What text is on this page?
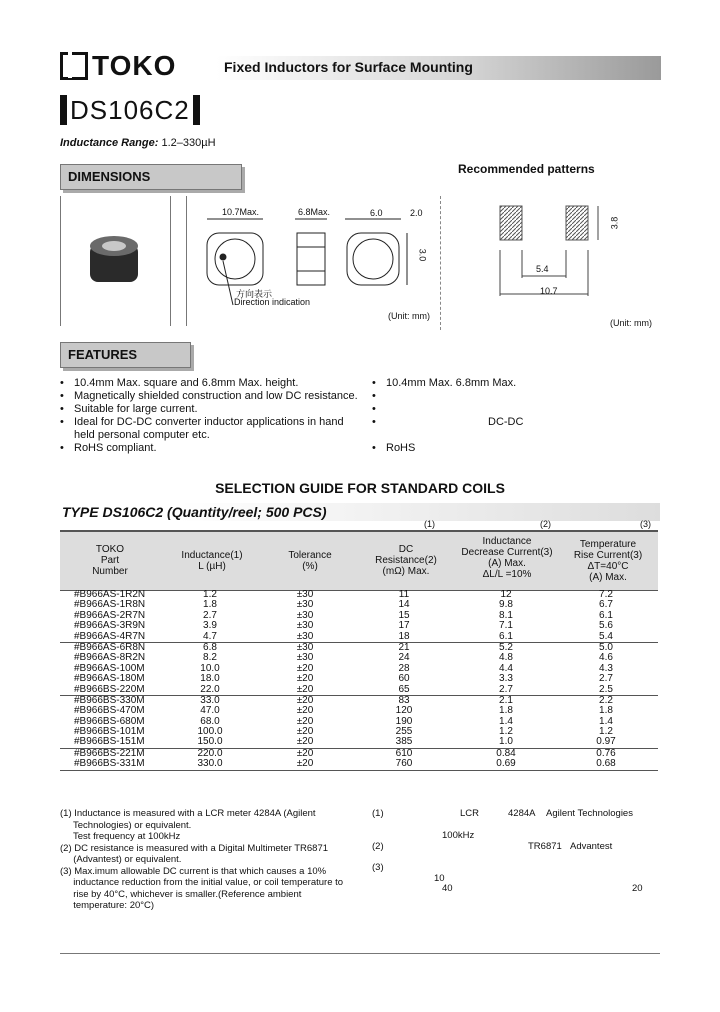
TOKO	Fixed Inductors for Surface Mounting
DS106C2
Inductance Range: 1.2–330µH
DIMENSIONS	Recommended patterns
10.7Max.	6.8Max.	6.0	2.0
3.0
方向表示
Direction indication
(Unit: mm)
3.8
5.4
10.7
(Unit: mm)
FEATURES
• 10.4mm Max. square and 6.8mm Max. height.
• Magnetically shielded construction and low DC resistance.
• Suitable for large current.
• Ideal for DC-DC converter inductor applications in hand held personal computer etc.
• RoHS compliant.
• 10.4mm Max. 6.8mm Max.
•
•
• DC-DC
• RoHS
SELECTION GUIDE FOR STANDARD COILS
TYPE DS106C2 (Quantity/reel; 500 PCS)
(1)	(2)	(3)
TOKO
Part
Number
Inductance(1)
L (µH)
Tolerance
(%)
DC
Resistance(2)
(mΩ) Max.
Inductance
Decrease Current(3)
(A) Max.
ΔL/L =10%
Temperature
Rise Current(3)
ΔT=40°C
(A) Max.
#B966AS-1R2N	1.2	±30	11	12	7.2
#B966AS-1R8N	1.8	±30	14	9.8	6.7
#B966AS-2R7N	2.7	±30	15	8.1	6.1
#B966AS-3R9N	3.9	±30	17	7.1	5.6
#B966AS-4R7N	4.7	±30	18	6.1	5.4
#B966AS-6R8N	6.8	±30	21	5.2	5.0
#B966AS-8R2N	8.2	±30	24	4.8	4.6
#B966AS-100M	10.0	±20	28	4.4	4.3
#B966AS-180M	18.0	±20	60	3.3	2.7
#B966BS-220M	22.0	±20	65	2.7	2.5
#B966BS-330M	33.0	±20	83	2.1	2.2
#B966BS-470M	47.0	±20	120	1.8	1.8
#B966BS-680M	68.0	±20	190	1.4	1.4
#B966BS-101M	100.0	±20	255	1.2	1.2
#B966BS-151M	150.0	±20	385	1.0	0.97
#B966BS-221M	220.0	±20	610	0.84	0.76
#B966BS-331M	330.0	±20	760	0.69	0.68
(1) Inductance is measured with a LCR meter 4284A (Agilent
Technologies) or equivalent.
Test frequency at 100kHz
(2) DC resistance is measured with a Digital Multimeter TR6871
(Advantest) or equivalent.
(3) Max.imum allowable DC current is that which causes a 10%
inductance reduction from the initial value, or coil temperature to
rise by 40°C, whichever is smaller.(Reference ambient
temperature: 20°C)
(1)	LCR	4284A Agilent Technologies
100kHz
(2)	TR6871 Advantest
(3)
10
40	20
